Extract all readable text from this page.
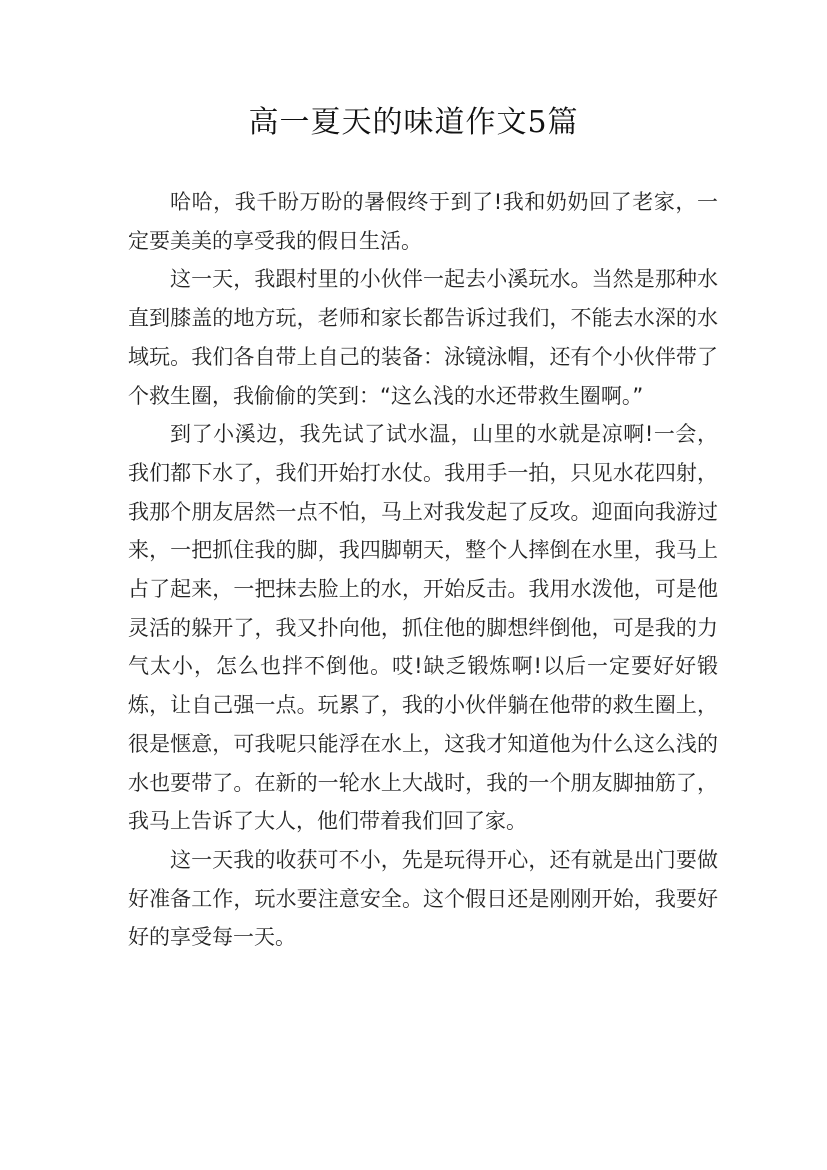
高一夏天的味道作文5篇

哈哈，我千盼万盼的暑假终于到了!我和奶奶回了老家，一定要美美的享受我的假日生活。

这一天，我跟村里的小伙伴一起去小溪玩水。当然是那种水直到膝盖的地方玩，老师和家长都告诉过我们，不能去水深的水域玩。我们各自带上自己的装备：泳镜泳帽，还有个小伙伴带了个救生圈，我偷偷的笑到：“这么浅的水还带救生圈啊。”

到了小溪边，我先试了试水温，山里的水就是凉啊!一会，我们都下水了，我们开始打水仗。我用手一拍，只见水花四射，我那个朋友居然一点不怕，马上对我发起了反攻。迎面向我游过来，一把抓住我的脚，我四脚朝天，整个人摔倒在水里，我马上占了起来，一把抹去脸上的水，开始反击。我用水泼他，可是他灵活的躲开了，我又扑向他，抓住他的脚想绊倒他，可是我的力气太小，怎么也拌不倒他。哎!缺乏锻炼啊!以后一定要好好锻炼，让自己强一点。玩累了，我的小伙伴躺在他带的救生圈上，很是惬意，可我呢只能浮在水上，这我才知道他为什么这么浅的水也要带了。在新的一轮水上大战时，我的一个朋友脚抽筋了，我马上告诉了大人，他们带着我们回了家。

这一天我的收获可不小，先是玩得开心，还有就是出门要做好准备工作，玩水要注意安全。这个假日还是刚刚开始，我要好好的享受每一天。
